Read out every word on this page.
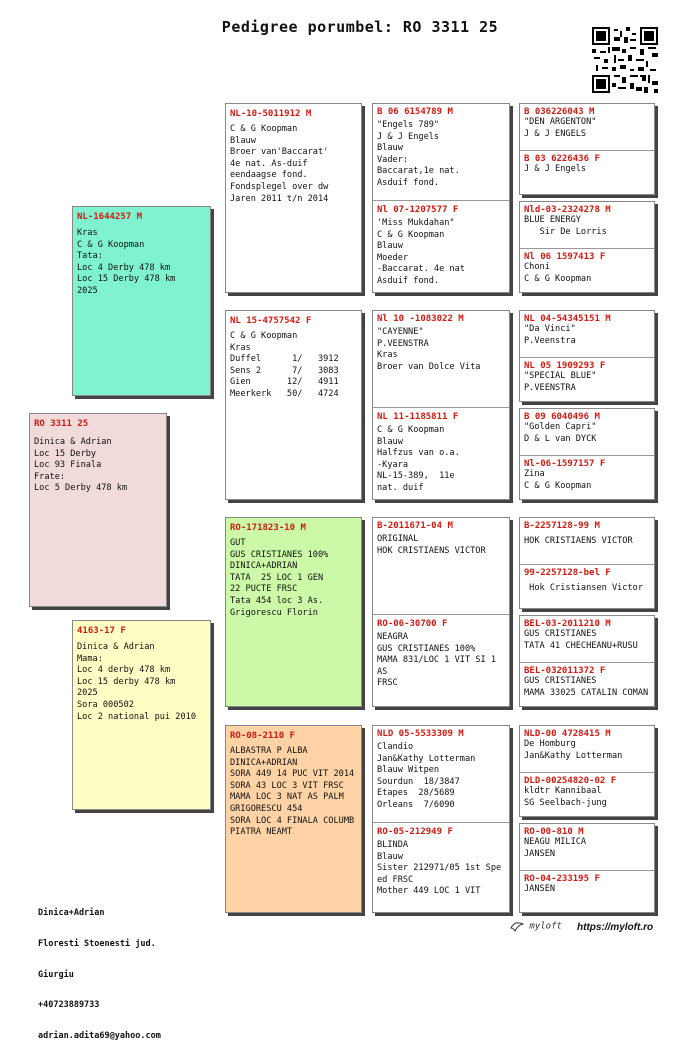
Pedigree porumbel: RO 3311 25
RO 3311 25
Dinica & Adrian
Loc 15 Derby
Loc 93 Finala
Frate:
Loc 5 Derby 478 km
NL-1644257 M
Kras
C & G Koopman
Tata:
Loc 4 Derby 478 km
Loc 15 Derby 478 km
2025
4163-17 F
Dinica & Adrian
Mama:
Loc 4 derby 478 km
Loc 15 derby 478 km
2025
Sora 000502
Loc 2 national pui 2010
NL-10-5011912 M
C & G Koopman
Blauw
Broer van'Baccarat'
4e nat. As-duif
eendaagse fond.
Fondsplegel over dw
Jaren 2011 t/n 2014
NL 15-4757542 F
C & G Koopman
Kras
Duffel      1/   3912
Sens 2      7/   3083
Gien       12/   4911
Meerkerk   50/   4724
RO-171823-10 M
GUT
GUS CRISTIANES 100%
DINICA+ADRIAN
TATA  25 LOC 1 GEN
22 PUCTE FRSC
Tata 454 loc 3 As.
Grigorescu Florin
RO-08-2110 F
ALBASTRA P ALBA
DINICA+ADRIAN
SORA 449 14 PUC VIT 2014
SORA 43 LOC 3 VIT FRSC
MAMA LOC 3 NAT AS PALM
GRIGORESCU 454
SORA LOC 4 FINALA COLUMB
PIATRA NEAMT
B 06 6154789 M
"Engels 789"
J & J Engels
Blauw
Vader:
Baccarat,1e nat.
Asduif fond.
Nl 07-1207577 F
'Miss Mukdahan"
C & G Koopman
Blauw
Moeder
-Baccarat. 4e nat
Asduif fond.
Nl 10 -1083022 M
"CAYENNE"
P.VEENSTRA
Kras
Broer van Dolce Vita
NL 11-1185811 F
C & G Koopman
Blauw
Halfzus van o.a.
-Kyara
NL-15-389,  11e
nat. duif
B-2011671-04 M
ORIGINAL
HOK CRISTIAENS VICTOR
RO-06-30700 F
NEAGRA
GUS CRISTIANES 100%
MAMA 831/LOC 1 VIT SI 1
AS
FRSC
NLD 05-5533309 M
Clandio
Jan&Kathy Lotterman
Blauw Witpen
Sourdun  18/3847
Etapes  28/5689
Orleans  7/6090
RO-05-212949 F
BLINDA
Blauw
Sister 212971/05 1st Spe
ed FRSC
Mother 449 LOC 1 VIT
B 036226043 M
"DEN ARGENTON"
J & J ENGELS
B 03 6226436 F
J & J Engels
Nld-03-2324278 M
BLUE ENERGY
Sir De Lorris
Nl 06 1597413 F
Choni
C & G Koopman
NL 04-54345151 M
"Da Vinci"
P.Veenstra
NL 05 1909293 F
"SPECIAL BLUE"
P.VEENSTRA
B 09 6040496 M
"Golden Capri"
D & L van DYCK
Nl-06-1597157 F
Zina
C & G Koopman
B-2257128-99 M
HOK CRISTIAENS VICTOR
99-2257128-bel F
Hok Cristiansen Victor
BEL-03-2011210 M
GUS CRISTIANES
TATA 41 CHECHEANU+RUSU
BEL-032011372 F
GUS CRISTIANES
MAMA 33025 CATALIN COMAN
NLD-00 4728415 M
De Homburg
Jan&Kathy Lotterman
DLD-00254820-02 F
kldtr Kannibaal
SG Seelbach-jung
RO-00-810 M
NEAGU MILICA
JANSEN
RO-04-233195 F
JANSEN

Dinica+Adrian

Floresti Stoenesti jud.

Giurgiu

+40723889733

adrian.adita69@yahoo.com

myloft https://myloft.ro
